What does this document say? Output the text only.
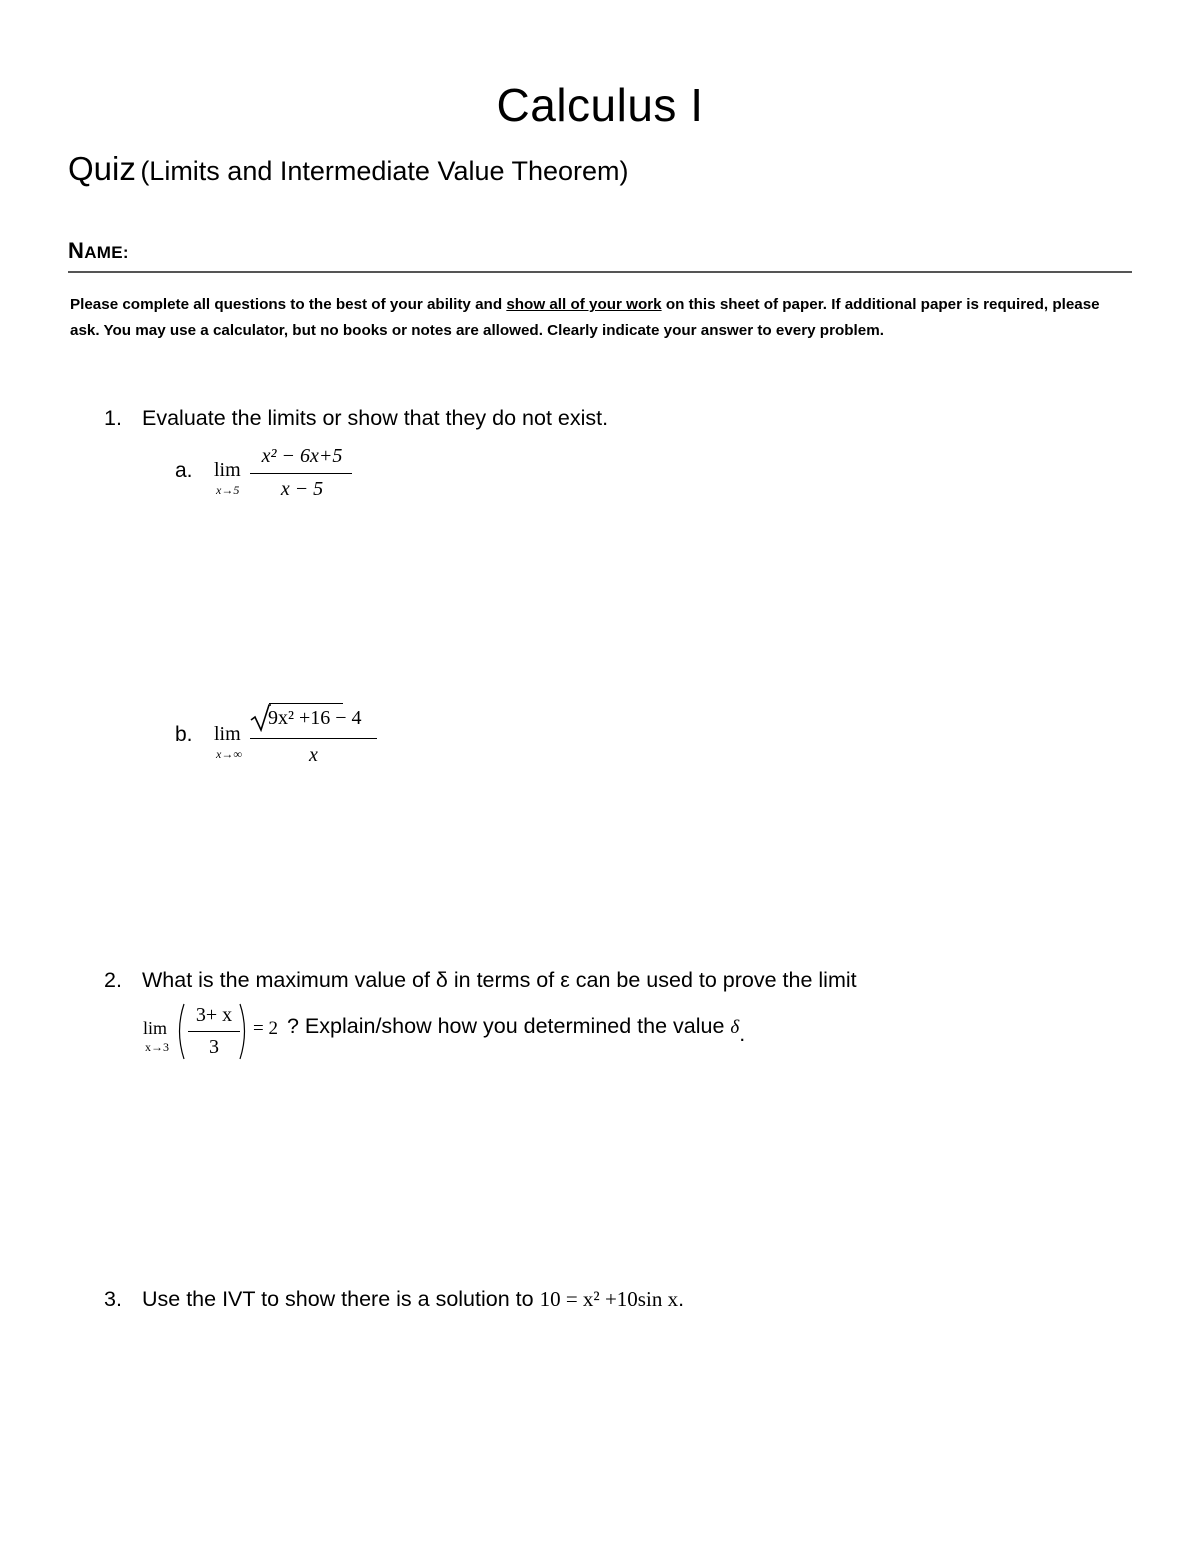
Calculus I
Quiz (Limits and Intermediate Value Theorem)
NAME:
Please complete all questions to the best of your ability and show all of your work on this sheet of paper. If additional paper is required, please ask. You may use a calculator, but no books or notes are allowed. Clearly indicate your answer to every problem.
1. Evaluate the limits or show that they do not exist.
a. lim
x→5
x² − 6x+5
x − 5
b. lim
x→∞
9x² +16 − 4
x
2. What is the maximum value of δ in terms of ε can be used to prove the limit
lim
x→3
3+ x
3
= 2 ? Explain/show how you determined the value δ.
3. Use the IVT to show there is a solution to 10 = x² +10sin x.
